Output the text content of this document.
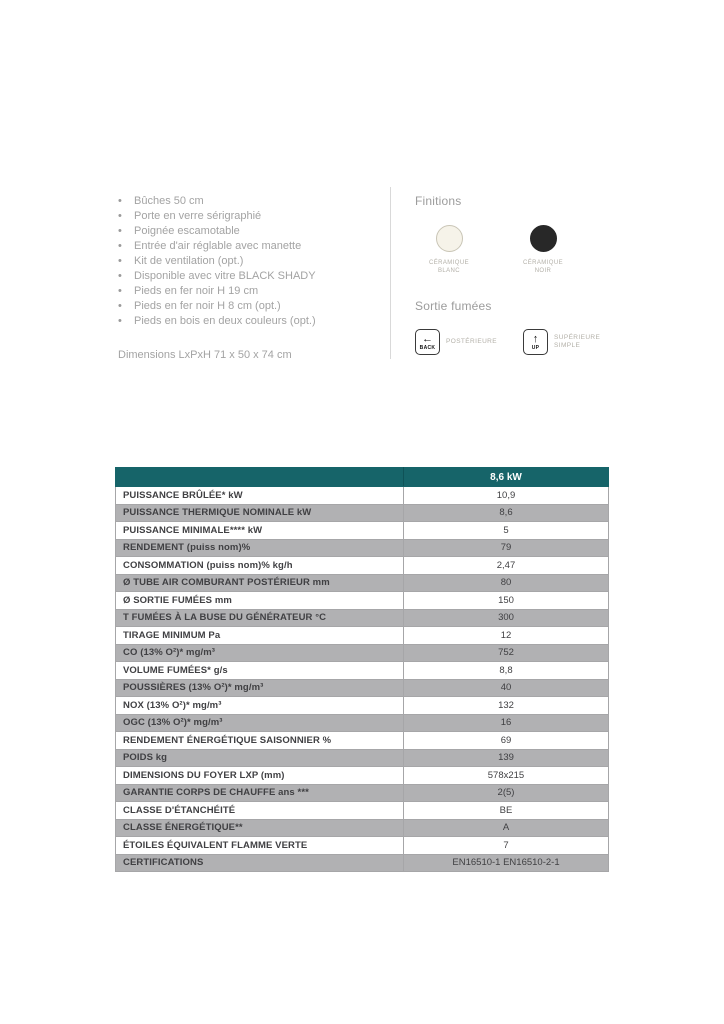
• Bûches 50 cm
• Porte en verre sérigraphié
• Poignée escamotable
• Entrée d'air réglable avec manette
• Kit de ventilation (opt.)
• Disponible avec vitre BLACK SHADY
• Pieds en fer noir H 19 cm
• Pieds en fer noir H 8 cm (opt.)
• Pieds en bois en deux couleurs (opt.)
Dimensions LxPxH 71 x 50 x 74 cm
Finitions
CÉRAMIQUE BLANC
CÉRAMIQUE NOIR
Sortie fumées
←
BACK
POSTÉRIEURE	↑
UP
SUPÉRIEURE SIMPLE
	8,6 kW
PUISSANCE BRÛLÉE* kW	10,9
PUISSANCE THERMIQUE NOMINALE kW	8,6
PUISSANCE MINIMALE**** kW	5
RENDEMENT (puiss nom)%	79
CONSOMMATION (puiss nom)% kg/h	2,47
Ø TUBE AIR COMBURANT POSTÉRIEUR mm	80
Ø SORTIE FUMÉES mm	150
T FUMÉES À LA BUSE DU GÉNÉRATEUR °C	300
TIRAGE MINIMUM Pa	12
CO (13% O²)* mg/m³	752
VOLUME FUMÉES* g/s	8,8
POUSSIÈRES (13% O²)* mg/m³	40
NOX (13% O²)* mg/m³	132
OGC (13% O²)* mg/m³	16
RENDEMENT ÉNERGÉTIQUE SAISONNIER %	69
POIDS kg	139
DIMENSIONS DU FOYER LXP (mm)	578x215
GARANTIE CORPS DE CHAUFFE ans ***	2(5)
CLASSE D'ÉTANCHÉITÉ	BE
CLASSE ÉNERGÉTIQUE**	A
ÉTOILES ÉQUIVALENT FLAMME VERTE	7
CERTIFICATIONS	EN16510-1 EN16510-2-1
